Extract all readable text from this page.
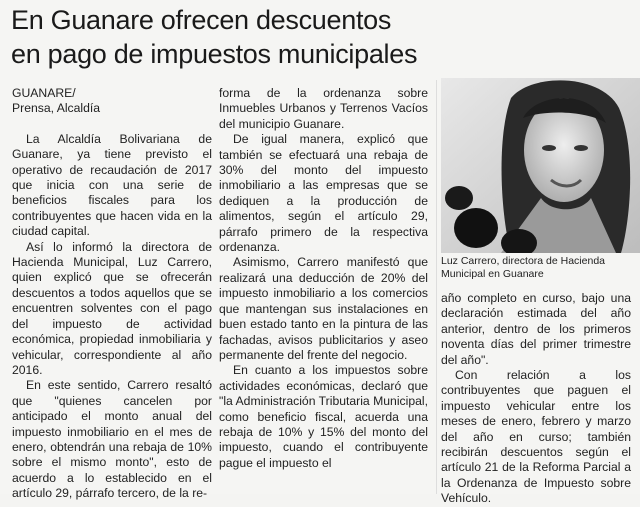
En Guanare ofrecen descuentos
en pago de impuestos municipales
GUANARE/
Prensa, Alcaldía

La Alcaldía Bolivariana de Guanare, ya tiene previsto el operativo de recaudación de 2017 que inicia con una serie de beneficios fiscales para los contribuyentes que hacen vida en la ciudad capital.

Así lo informó la directora de Hacienda Municipal, Luz Carrero, quien explicó que se ofrecerán descuentos a todos aquellos que se encuentren solventes con el pago del impuesto de actividad económica, propiedad inmobiliaria y vehicular, correspondiente al año 2016.

En este sentido, Carrero resaltó que "quienes cancelen por anticipado el monto anual del impuesto inmobiliario en el mes de enero, obtendrán una rebaja de 10% sobre el mismo monto", esto de acuerdo a lo establecido en el artículo 29, párrafo tercero, de la re-

forma de la ordenanza sobre Inmuebles Urbanos y Terrenos Vacíos del municipio Guanare.

De igual manera, explicó que también se efectuará una rebaja de 30% del monto del impuesto inmobiliario a las empresas que se dediquen a la producción de alimentos, según el artículo 29, párrafo primero de la respectiva ordenanza.

Asimismo, Carrero manifestó que realizará una deducción de 20% del impuesto inmobiliario a los comercios que mantengan sus instalaciones en buen estado tanto en la pintura de las fachadas, avisos publicitarios y aseo permanente del frente del negocio.

En cuanto a los impuestos sobre actividades económicas, declaró que "la Administración Tributaria Municipal, como beneficio fiscal, acuerda una rebaja de 10% y 15% del monto del impuesto, cuando el contribuyente pague el impuesto el

Luz Carrero, directora de Hacienda Municipal en Guanare

año completo en curso, bajo una declaración estimada del año anterior, dentro de los primeros noventa días del primer trimestre del año".

Con relación a los contribuyentes que paguen el impuesto vehicular entre los meses de enero, febrero y marzo del año en curso; también recibirán descuentos según el artículo 21 de la Reforma Parcial a la Ordenanza de Impuesto sobre Vehículo.
